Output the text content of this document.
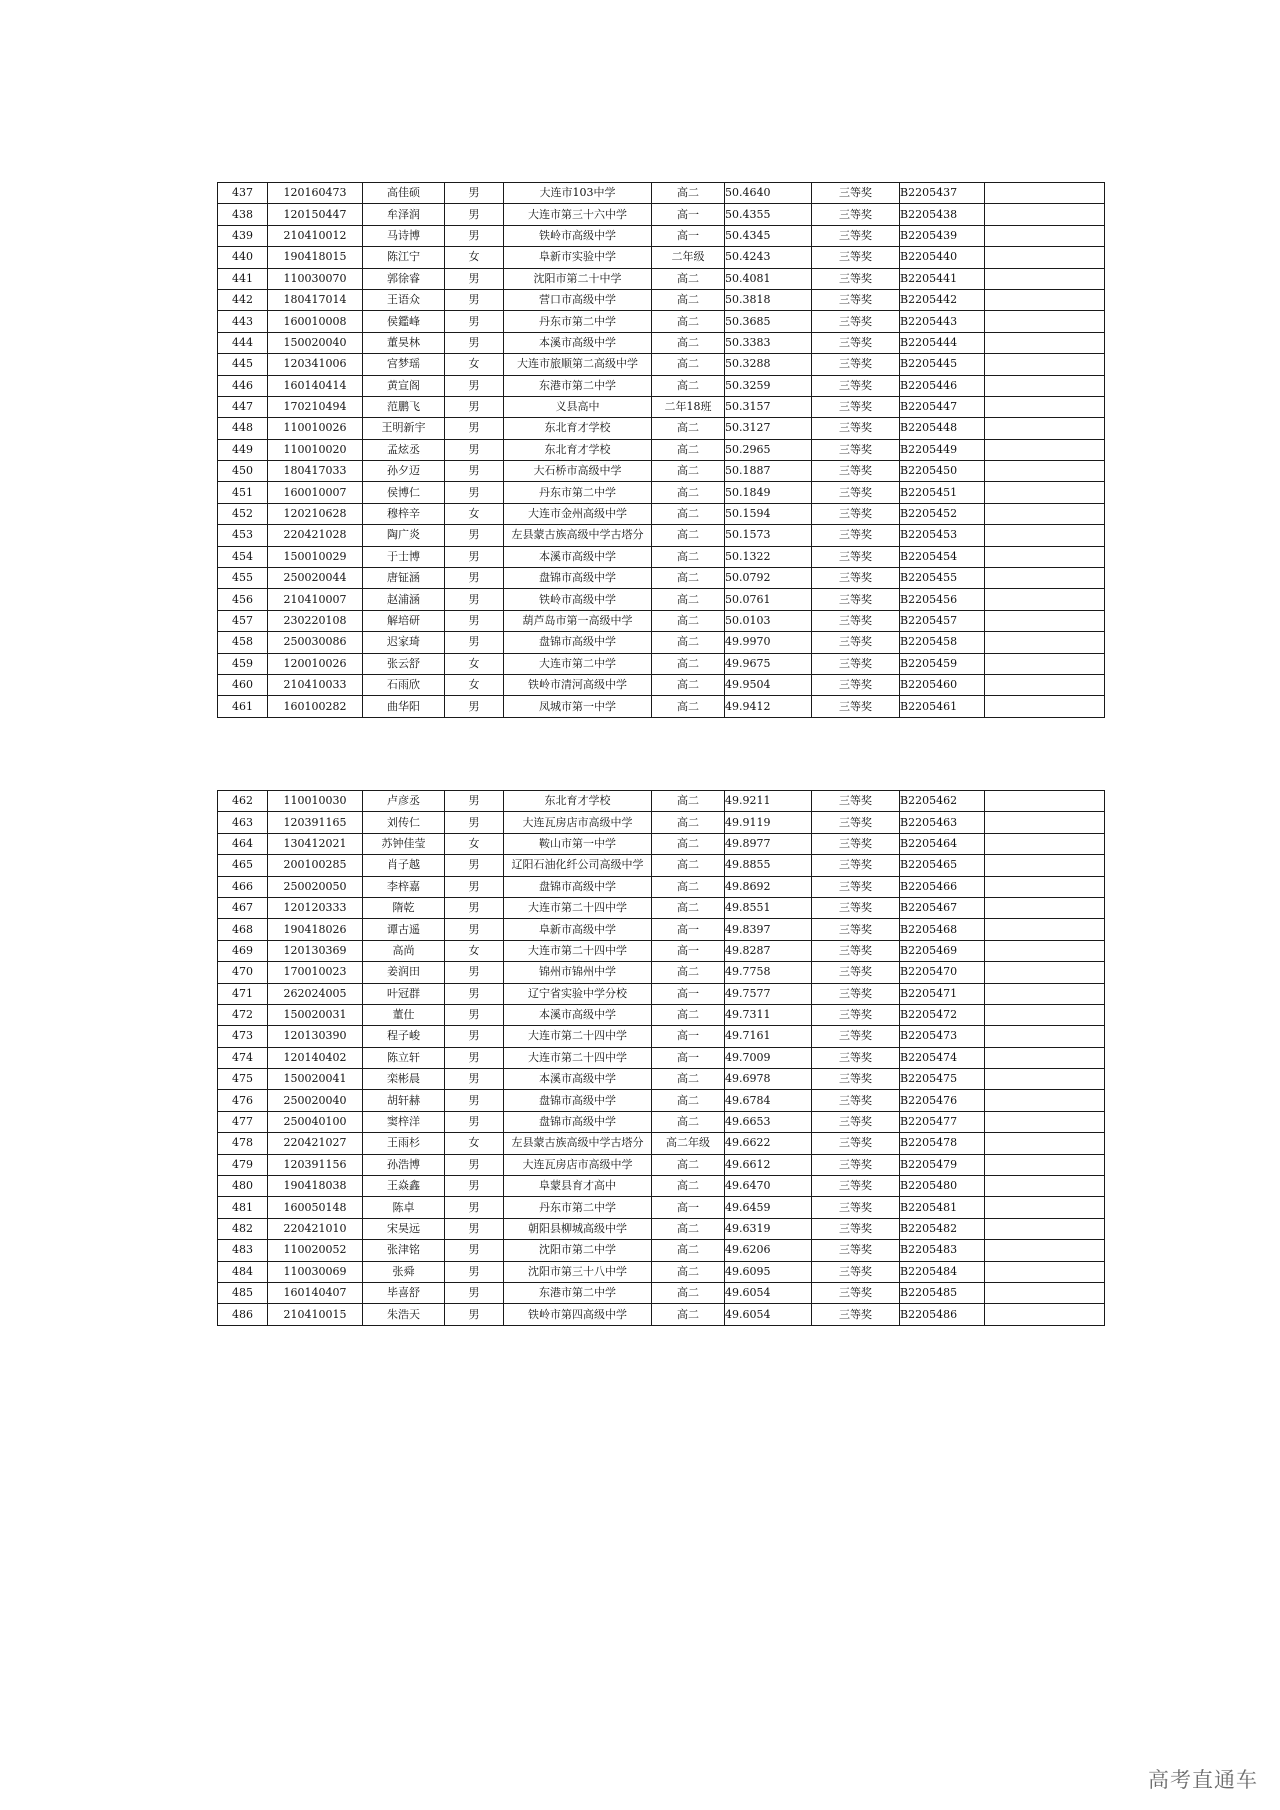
437	120160473	高佳硕	男	大连市103中学	高二	50.4640	三等奖	B2205437	
438	120150447	牟泽润	男	大连市第三十六中学	高一	50.4355	三等奖	B2205438	
439	210410012	马诗博	男	铁岭市高级中学	高一	50.4345	三等奖	B2205439	
440	190418015	陈江宁	女	阜新市实验中学	二年级	50.4243	三等奖	B2205440	
441	110030070	郭徐睿	男	沈阳市第二十中学	高二	50.4081	三等奖	B2205441	
442	180417014	王语众	男	营口市高级中学	高二	50.3818	三等奖	B2205442	
443	160010008	侯鑑峰	男	丹东市第二中学	高二	50.3685	三等奖	B2205443	
444	150020040	董昊林	男	本溪市高级中学	高二	50.3383	三等奖	B2205444	
445	120341006	宫梦瑶	女	大连市旅顺第二高级中学	高二	50.3288	三等奖	B2205445	
446	160140414	黄宣阁	男	东港市第二中学	高二	50.3259	三等奖	B2205446	
447	170210494	范鹏飞	男	义县高中	二年18班	50.3157	三等奖	B2205447	
448	110010026	王明新宇	男	东北育才学校	高二	50.3127	三等奖	B2205448	
449	110010020	孟炫丞	男	东北育才学校	高二	50.2965	三等奖	B2205449	
450	180417033	孙夕迈	男	大石桥市高级中学	高二	50.1887	三等奖	B2205450	
451	160010007	侯博仁	男	丹东市第二中学	高二	50.1849	三等奖	B2205451	
452	120210628	穆梓辛	女	大连市金州高级中学	高二	50.1594	三等奖	B2205452	
453	220421028	陶广炎	男	左县蒙古族高级中学古塔分	高二	50.1573	三等奖	B2205453	
454	150010029	于士博	男	本溪市高级中学	高二	50.1322	三等奖	B2205454	
455	250020044	唐钲涵	男	盘锦市高级中学	高二	50.0792	三等奖	B2205455	
456	210410007	赵浦涵	男	铁岭市高级中学	高二	50.0761	三等奖	B2205456	
457	230220108	解培研	男	葫芦岛市第一高级中学	高二	50.0103	三等奖	B2205457	
458	250030086	迟家琦	男	盘锦市高级中学	高二	49.9970	三等奖	B2205458	
459	120010026	张云舒	女	大连市第二中学	高二	49.9675	三等奖	B2205459	
460	210410033	石雨欣	女	铁岭市清河高级中学	高二	49.9504	三等奖	B2205460	
461	160100282	曲华阳	男	凤城市第一中学	高二	49.9412	三等奖	B2205461	
462	110010030	卢彦丞	男	东北育才学校	高二	49.9211	三等奖	B2205462	
463	120391165	刘传仁	男	大连瓦房店市高级中学	高二	49.9119	三等奖	B2205463	
464	130412021	苏钟佳莹	女	鞍山市第一中学	高二	49.8977	三等奖	B2205464	
465	200100285	肖子越	男	辽阳石油化纤公司高级中学	高二	49.8855	三等奖	B2205465	
466	250020050	李梓嘉	男	盘锦市高级中学	高二	49.8692	三等奖	B2205466	
467	120120333	隋乾	男	大连市第二十四中学	高二	49.8551	三等奖	B2205467	
468	190418026	谭古遥	男	阜新市高级中学	高一	49.8397	三等奖	B2205468	
469	120130369	高尚	女	大连市第二十四中学	高一	49.8287	三等奖	B2205469	
470	170010023	姜润田	男	锦州市锦州中学	高二	49.7758	三等奖	B2205470	
471	262024005	叶冠群	男	辽宁省实验中学分校	高一	49.7577	三等奖	B2205471	
472	150020031	董仕	男	本溪市高级中学	高二	49.7311	三等奖	B2205472	
473	120130390	程子峻	男	大连市第二十四中学	高一	49.7161	三等奖	B2205473	
474	120140402	陈立轩	男	大连市第二十四中学	高一	49.7009	三等奖	B2205474	
475	150020041	栾彬晨	男	本溪市高级中学	高二	49.6978	三等奖	B2205475	
476	250020040	胡轩赫	男	盘锦市高级中学	高二	49.6784	三等奖	B2205476	
477	250040100	窦梓洋	男	盘锦市高级中学	高二	49.6653	三等奖	B2205477	
478	220421027	王雨杉	女	左县蒙古族高级中学古塔分	高二年级	49.6622	三等奖	B2205478	
479	120391156	孙浩博	男	大连瓦房店市高级中学	高二	49.6612	三等奖	B2205479	
480	190418038	王焱鑫	男	阜蒙县育才高中	高二	49.6470	三等奖	B2205480	
481	160050148	陈卓	男	丹东市第二中学	高一	49.6459	三等奖	B2205481	
482	220421010	宋昊远	男	朝阳县柳城高级中学	高二	49.6319	三等奖	B2205482	
483	110020052	张津铭	男	沈阳市第二中学	高二	49.6206	三等奖	B2205483	
484	110030069	张舜	男	沈阳市第三十八中学	高二	49.6095	三等奖	B2205484	
485	160140407	毕喜舒	男	东港市第二中学	高二	49.6054	三等奖	B2205485	
486	210410015	朱浩天	男	铁岭市第四高级中学	高二	49.6054	三等奖	B2205486	
高考直通车
